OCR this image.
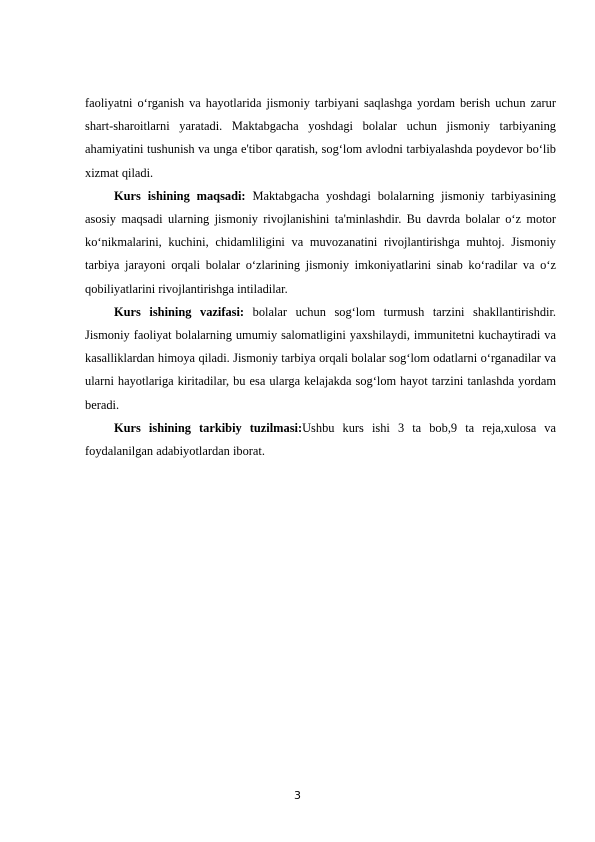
faoliyatni o‘rganish va hayotlarida jismoniy tarbiyani saqlashga yordam berish uchun zarur shart-sharoitlarni yaratadi. Maktabgacha yoshdagi bolalar uchun jismoniy tarbiyaning ahamiyatini tushunish va unga e'tibor qaratish, sog‘lom avlodni tarbiyalashda poydevor bo‘lib xizmat qiladi.

Kurs ishining maqsadi: Maktabgacha yoshdagi bolalarning jismoniy tarbiyasining asosiy maqsadi ularning jismoniy rivojlanishini ta'minlashdir. Bu davrda bolalar o‘z motor ko‘nikmalarini, kuchini, chidamliligini va muvozanatini rivojlantirishga muhtoj. Jismoniy tarbiya jarayoni orqali bolalar o‘zlarining jismoniy imkoniyatlarini sinab ko‘radilar va o‘z qobiliyatlarini rivojlantirishga intiladilar.

Kurs ishining vazifasi: bolalar uchun sog‘lom turmush tarzini shakllantirishdir. Jismoniy faoliyat bolalarning umumiy salomatligini yaxshilaydi, immunitetni kuchaytiradi va kasalliklardan himoya qiladi. Jismoniy tarbiya orqali bolalar sog‘lom odatlarni o‘rganadilar va ularni hayotlariga kiritadilar, bu esa ularga kelajakda sog‘lom hayot tarzini tanlashda yordam beradi.

Kurs ishining tarkibiy tuzilmasi:Ushbu kurs ishi 3 ta bob,9 ta reja,xulosa va foydalanilgan adabiyotlardan iborat.

3
